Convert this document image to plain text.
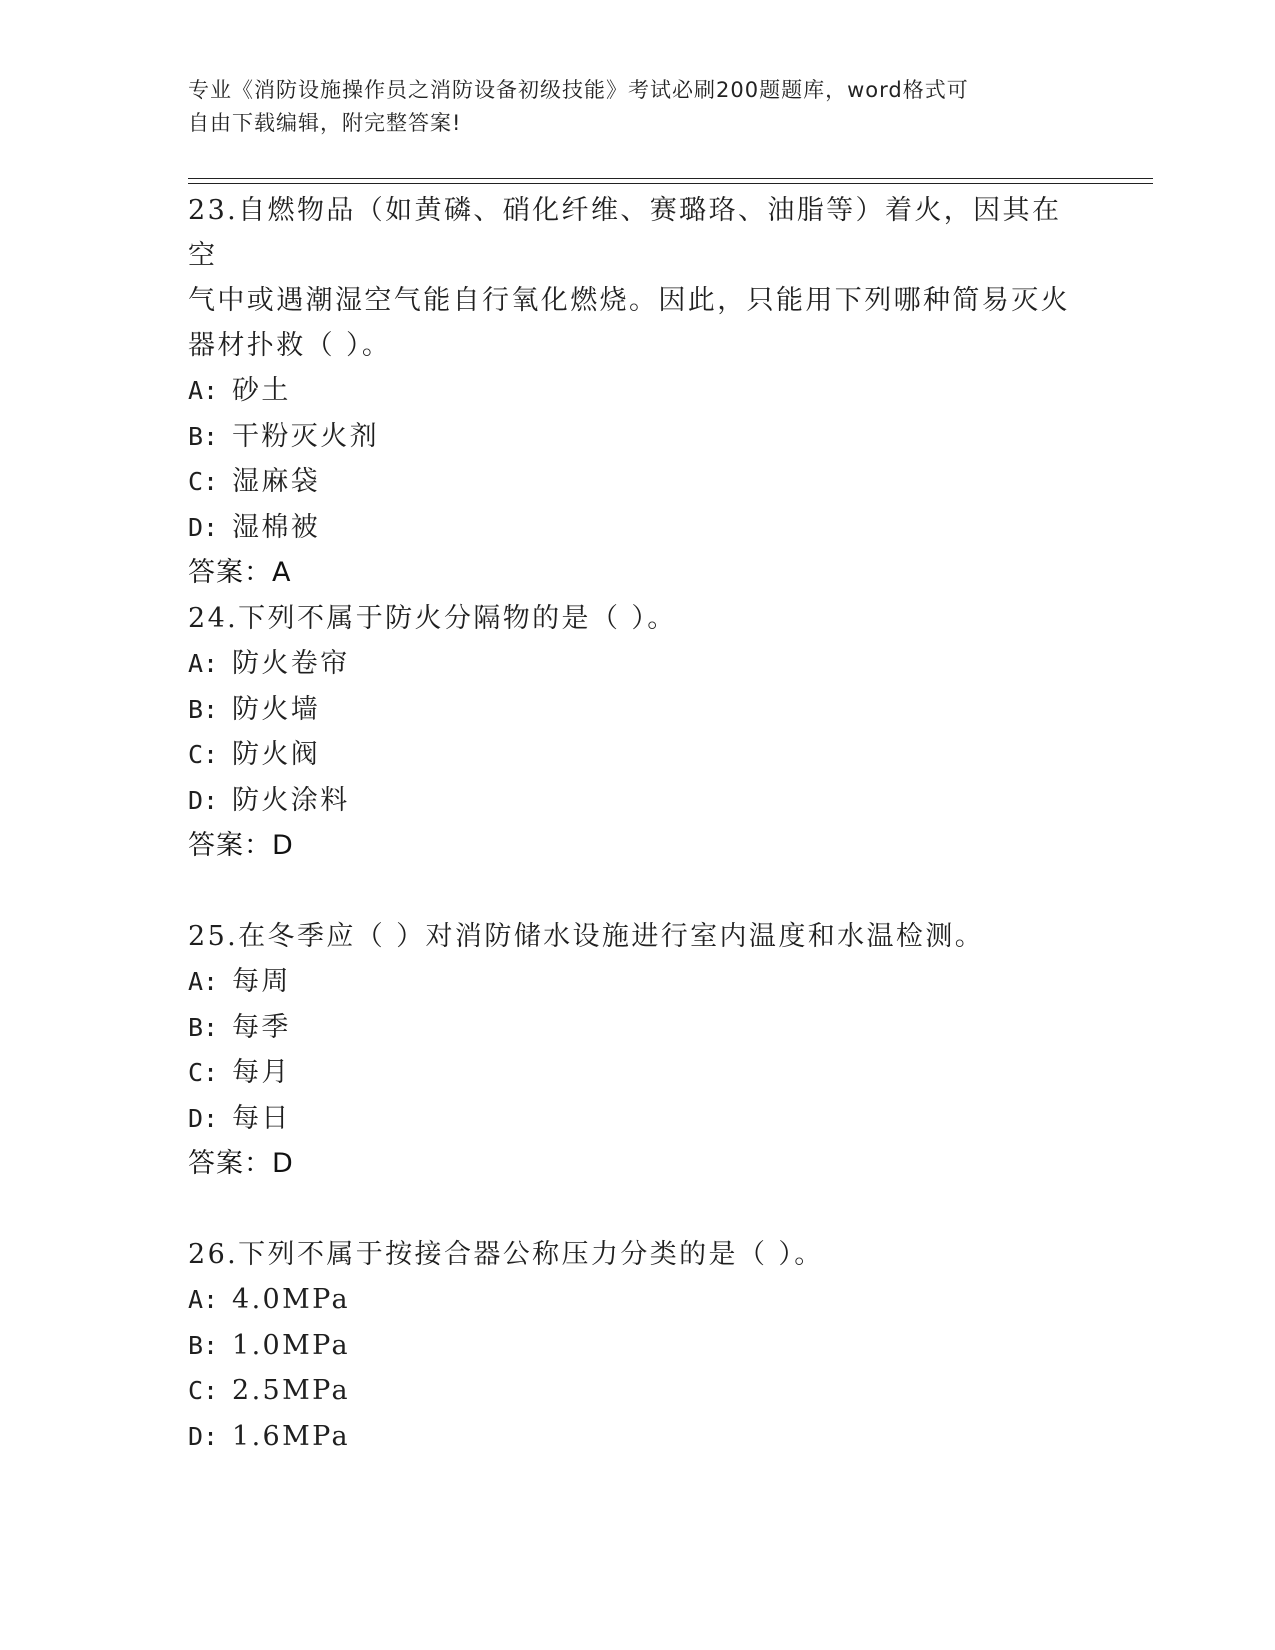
专业《消防设施操作员之消防设备初级技能》考试必刷200题题库，word格式可

自由下载编辑，附完整答案!

23.自燃物品（如黄磷、硝化纤维、赛璐珞、油脂等）着火，因其在空

气中或遇潮湿空气能自行氧化燃烧。因此，只能用下列哪种简易灭火

器材扑救（ ）。

A: 砂土

B: 干粉灭火剂

C: 湿麻袋

D: 湿棉被

答案：A

24.下列不属于防火分隔物的是（ ）。

A: 防火卷帘

B: 防火墙

C: 防火阀

D: 防火涂料

答案：D

25.在冬季应（ ）对消防储水设施进行室内温度和水温检测。

A: 每周

B: 每季

C: 每月

D: 每日

答案：D

26.下列不属于按接合器公称压力分类的是（ ）。

A: 4.0MPa

B: 1.0MPa

C: 2.5MPa

D: 1.6MPa
